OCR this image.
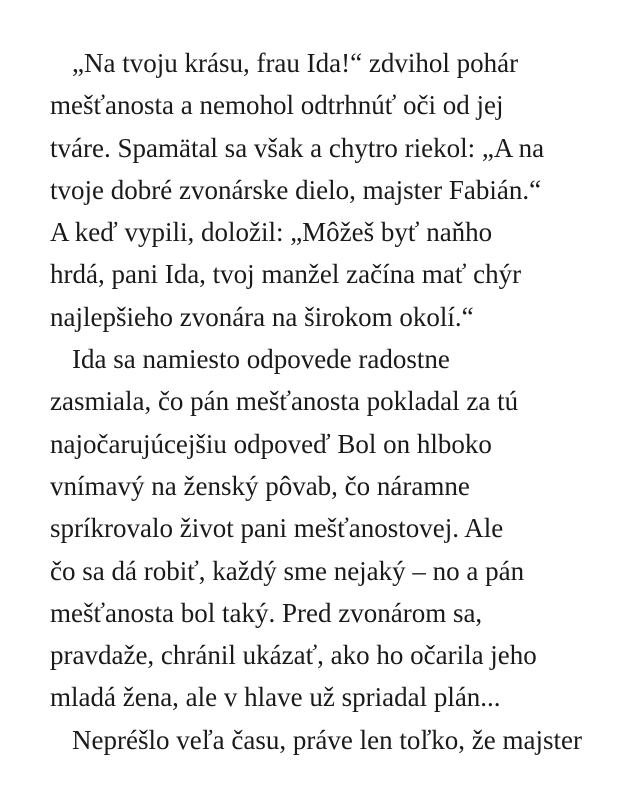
„Na tvoju krásu, frau Ida!“ zdvihol pohár
mešťanosta a nemohol odtrhnúť oči od jej
tváre. Spamätal sa však a chytro riekol: „A na
tvoje dobré zvonárske dielo, majster Fabián.“
A keď vypili, doložil: „Môžeš byť naňho
hrdá, pani Ida, tvoj manžel začína mať chýr
najlepšieho zvonára na širokom okolí.“
Ida sa namiesto odpovede radostne
zasmiala, čo pán mešťanosta pokladal za tú
najočarujúcejšiu odpoveď Bol on hlboko
vnímavý na ženský pôvab, čo náramne
spríkrovalo život pani mešťanostovej. Ale
čo sa dá robiť, každý sme nejaký – no a pán
mešťanosta bol taký. Pred zvonárom sa,
pravdaže, chránil ukázať, ako ho očarila jeho
mladá žena, ale v hlave už spriadal plán...
Nepréšlo veľa času, práve len toľko, že majster
